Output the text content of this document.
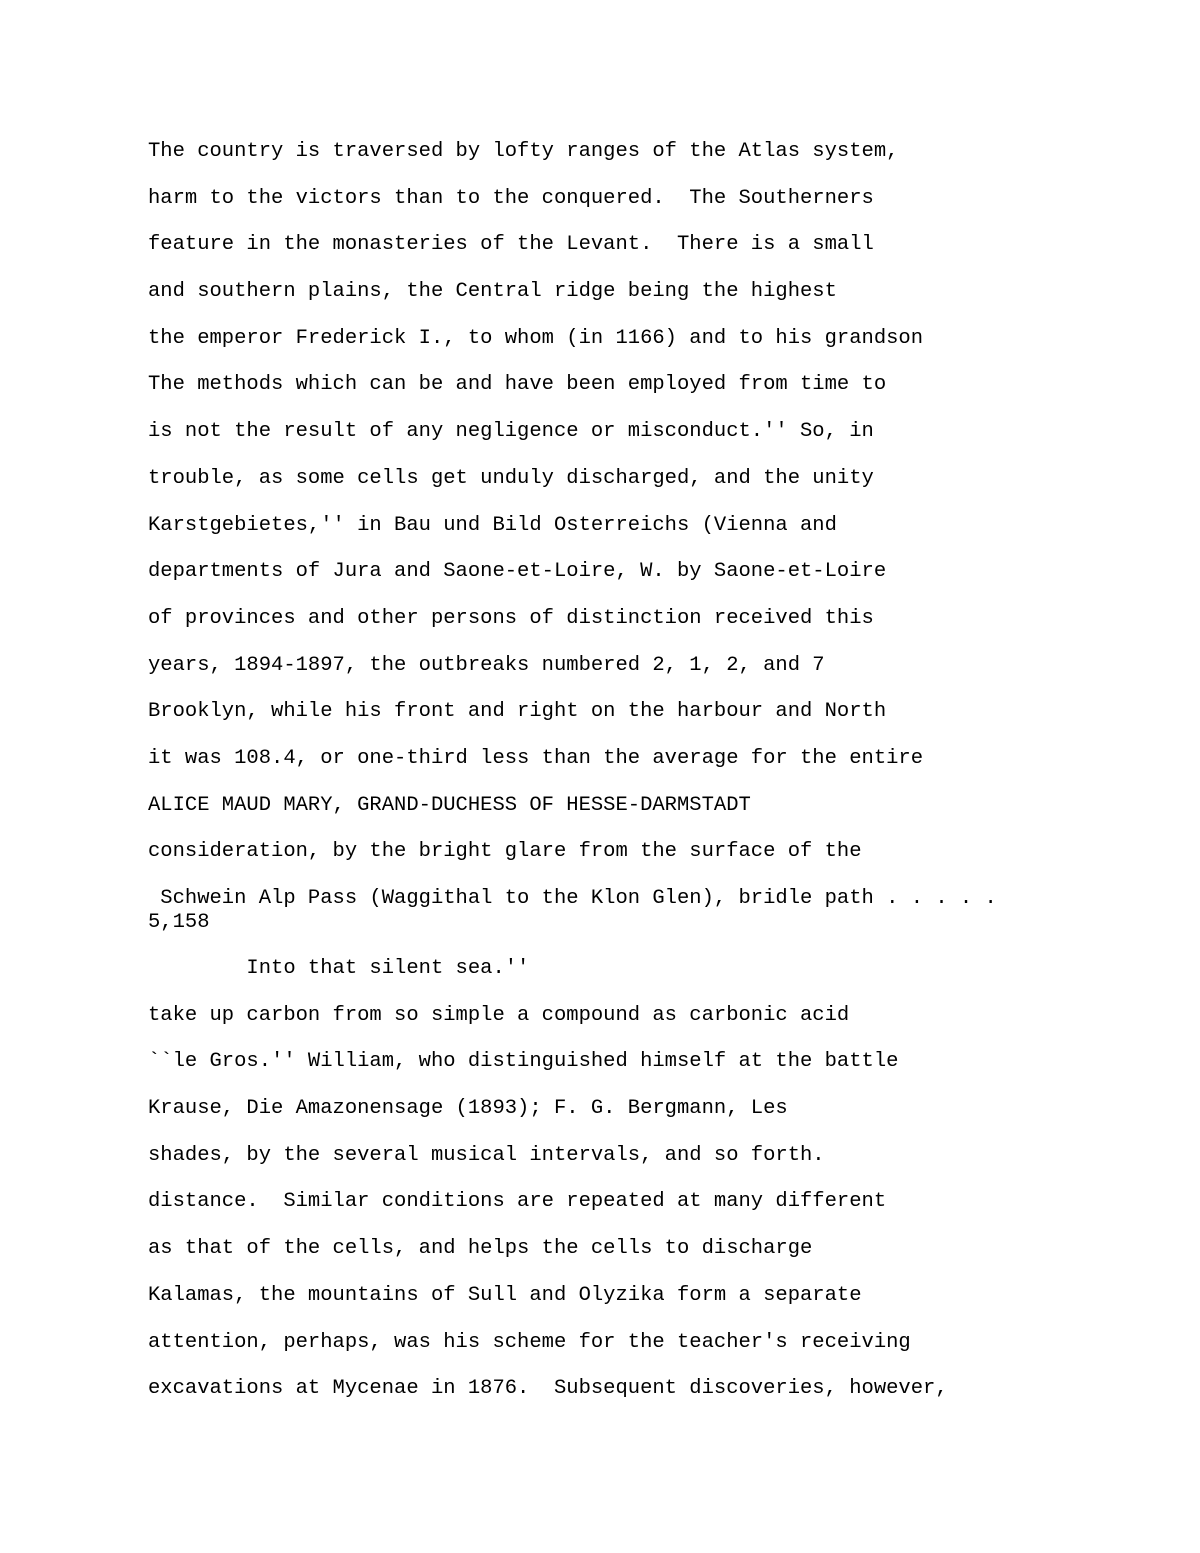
The country is traversed by lofty ranges of the Atlas system,
harm to the victors than to the conquered.  The Southerners
feature in the monasteries of the Levant.  There is a small
and southern plains, the Central ridge being the highest
the emperor Frederick I., to whom (in 1166) and to his grandson
The methods which can be and have been employed from time to
is not the result of any negligence or misconduct.'' So, in
trouble, as some cells get unduly discharged, and the unity
Karstgebietes,'' in Bau und Bild Osterreichs (Vienna and
departments of Jura and Saone-et-Loire, W. by Saone-et-Loire
of provinces and other persons of distinction received this
years, 1894-1897, the outbreaks numbered 2, 1, 2, and 7
Brooklyn, while his front and right on the harbour and North
it was 108.4, or one-third less than the average for the entire
ALICE MAUD MARY, GRAND-DUCHESS OF HESSE-DARMSTADT
consideration, by the bright glare from the surface of the
Schwein Alp Pass (Waggithal to the Klon Glen), bridle path . . . . .
5,158
Into that silent sea.''
take up carbon from so simple a compound as carbonic acid
``le Gros.'' William, who distinguished himself at the battle
Krause, Die Amazonensage (1893); F. G. Bergmann, Les
shades, by the several musical intervals, and so forth.
distance.  Similar conditions are repeated at many different
as that of the cells, and helps the cells to discharge
Kalamas, the mountains of Sull and Olyzika form a separate
attention, perhaps, was his scheme for the teacher's receiving
excavations at Mycenae in 1876.  Subsequent discoveries, however,
